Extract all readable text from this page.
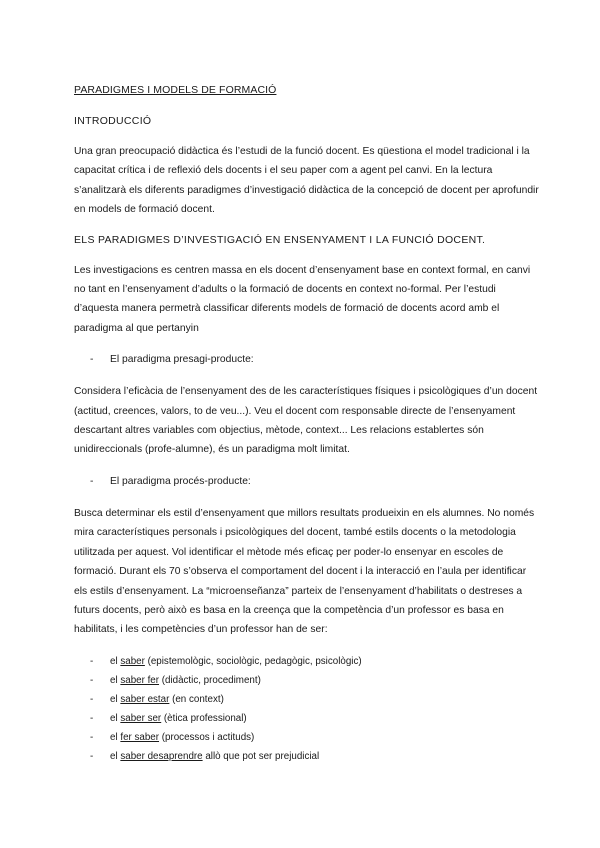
PARADIGMES I MODELS DE FORMACIÓ
INTRODUCCIÓ

Una gran preocupació didàctica és l’estudi de la funció docent. Es qüestiona el model tradicional i la capacitat crítica i de reflexió dels docents i el seu paper com a agent pel canvi. En la lectura s’analitzarà els diferents paradigmes d’investigació didàctica de la concepció de docent per aprofundir en models de formació docent.

ELS PARADIGMES D’INVESTIGACIÓ EN ENSENYAMENT I LA FUNCIÓ DOCENT.

Les investigacions es centren massa en els docent d’ensenyament base en context formal, en canvi no tant en l’ensenyament d’adults o la formació de docents en context no-formal. Per l’estudi d’aquesta manera permetrà classificar diferents models de formació de docents acord amb el paradigma al que pertanyin

- El paradigma presagi-producte:

Considera l’eficàcia de l’ensenyament des de les característiques físiques i psicològiques d’un docent (actitud, creences, valors, to de veu...). Veu el docent com responsable directe de l’ensenyament descartant altres variables com objectius, mètode, context... Les relacions establertes són unidireccionals (profe-alumne), és un paradigma molt limitat.

- El paradigma procés-producte:

Busca determinar els estil d’ensenyament que millors resultats produeixin en els alumnes. No només mira característiques personals i psicològiques del docent, també estils docents o la metodologia utilitzada per aquest. Vol identificar el mètode més eficaç per poder-lo ensenyar en escoles de formació. Durant els 70 s’observa el comportament del docent i la interacció en l’aula per identificar els estils d’ensenyament. La “microenseñanza” parteix de l’ensenyament d’habilitats o destreses a futurs docents, però això es basa en la creença que la competència d’un professor es basa en habilitats, i les competències d’un professor han de ser:

- el saber (epistemològic, sociològic, pedagògic, psicològic)
- el saber fer (didàctic, procediment)
- el saber estar (en context)
- el saber ser (ètica professional)
- el fer saber (processos i actituds)
- el saber desaprendre allò que pot ser prejudicial
